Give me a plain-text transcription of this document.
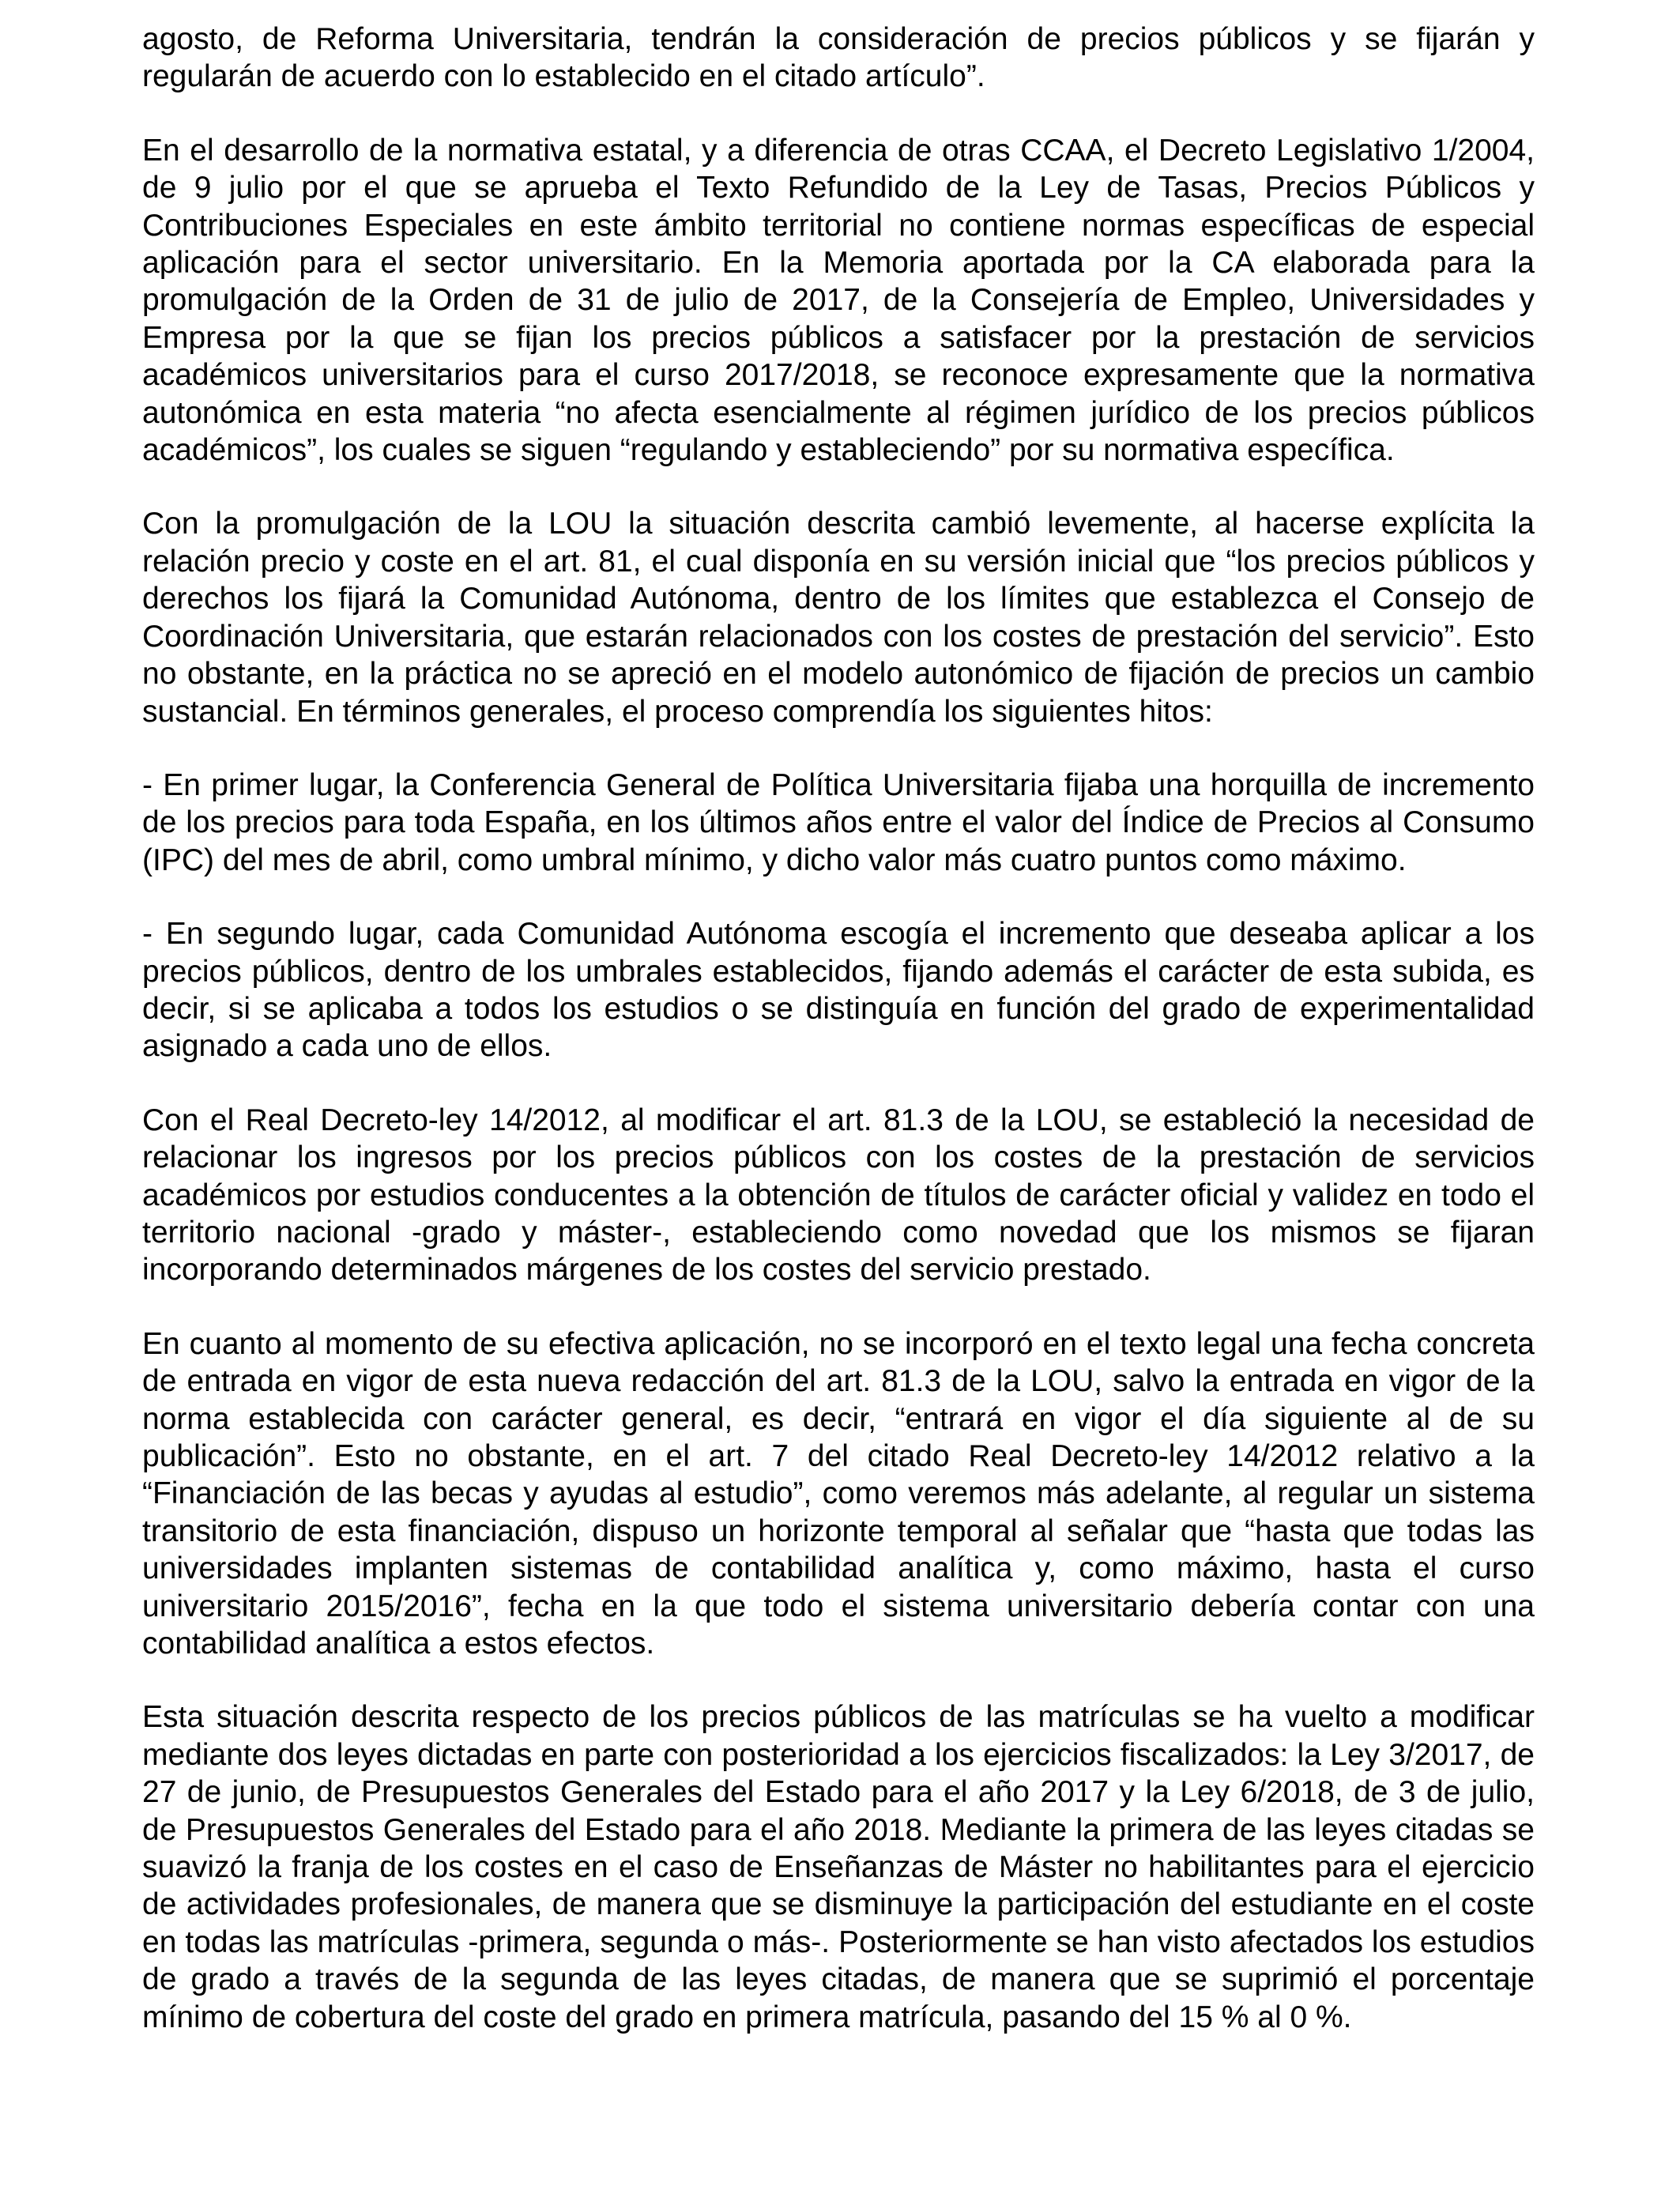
agosto, de Reforma Universitaria, tendrán la consideración de precios públicos y se fijarán y regularán de acuerdo con lo establecido en el citado artículo”.

En el desarrollo de la normativa estatal, y a diferencia de otras CCAA, el Decreto Legislativo 1/2004, de 9 julio por el que se aprueba el Texto Refundido de la Ley de Tasas, Precios Públicos y Contribuciones Especiales en este ámbito territorial no contiene normas específicas de especial aplicación para el sector universitario. En la Memoria aportada por la CA elaborada para la promulgación de la Orden de 31 de julio de 2017, de la Consejería de Empleo, Universidades y Empresa por la que se fijan los precios públicos a satisfacer por la prestación de servicios académicos universitarios para el curso 2017/2018, se reconoce expresamente que la normativa autonómica en esta materia “no afecta esencialmente al régimen jurídico de los precios públicos académicos”, los cuales se siguen “regulando y estableciendo” por su normativa específica.

Con la promulgación de la LOU la situación descrita cambió levemente, al hacerse explícita la relación precio y coste en el art. 81, el cual disponía en su versión inicial que “los precios públicos y derechos los fijará la Comunidad Autónoma, dentro de los límites que establezca el Consejo de Coordinación Universitaria, que estarán relacionados con los costes de prestación del servicio”. Esto no obstante, en la práctica no se apreció en el modelo autonómico de fijación de precios un cambio sustancial. En términos generales, el proceso comprendía los siguientes hitos:

- En primer lugar, la Conferencia General de Política Universitaria fijaba una horquilla de incremento de los precios para toda España, en los últimos años entre el valor del Índice de Precios al Consumo (IPC) del mes de abril, como umbral mínimo, y dicho valor más cuatro puntos como máximo.

- En segundo lugar, cada Comunidad Autónoma escogía el incremento que deseaba aplicar a los precios públicos, dentro de los umbrales establecidos, fijando además el carácter de esta subida, es decir, si se aplicaba a todos los estudios o se distinguía en función del grado de experimentalidad asignado a cada uno de ellos.

Con el Real Decreto-ley 14/2012, al modificar el art. 81.3 de la LOU, se estableció la necesidad de relacionar los ingresos por los precios públicos con los costes de la prestación de servicios académicos por estudios conducentes a la obtención de títulos de carácter oficial y validez en todo el territorio nacional -grado y máster-, estableciendo como novedad que los mismos se fijaran incorporando determinados márgenes de los costes del servicio prestado.

En cuanto al momento de su efectiva aplicación, no se incorporó en el texto legal una fecha concreta de entrada en vigor de esta nueva redacción del art. 81.3 de la LOU, salvo la entrada en vigor de la norma establecida con carácter general, es decir, “entrará en vigor el día siguiente al de su publicación”. Esto no obstante, en el art. 7 del citado Real Decreto-ley 14/2012 relativo a la “Financiación de las becas y ayudas al estudio”, como veremos más adelante, al regular un sistema transitorio de esta financiación, dispuso un horizonte temporal al señalar que “hasta que todas las universidades implanten sistemas de contabilidad analítica y, como máximo, hasta el curso universitario 2015/2016”, fecha en la que todo el sistema universitario debería contar con una contabilidad analítica a estos efectos.

Esta situación descrita respecto de los precios públicos de las matrículas se ha vuelto a modificar mediante dos leyes dictadas en parte con posterioridad a los ejercicios fiscalizados: la Ley 3/2017, de 27 de junio, de Presupuestos Generales del Estado para el año 2017 y la Ley 6/2018, de 3 de julio, de Presupuestos Generales del Estado para el año 2018. Mediante la primera de las leyes citadas se suavizó la franja de los costes en el caso de Enseñanzas de Máster no habilitantes para el ejercicio de actividades profesionales, de manera que se disminuye la participación del estudiante en el coste en todas las matrículas -primera, segunda o más-. Posteriormente se han visto afectados los estudios de grado a través de la segunda de las leyes citadas, de manera que se suprimió el porcentaje mínimo de cobertura del coste del grado en primera matrícula, pasando del 15 % al 0 %.
